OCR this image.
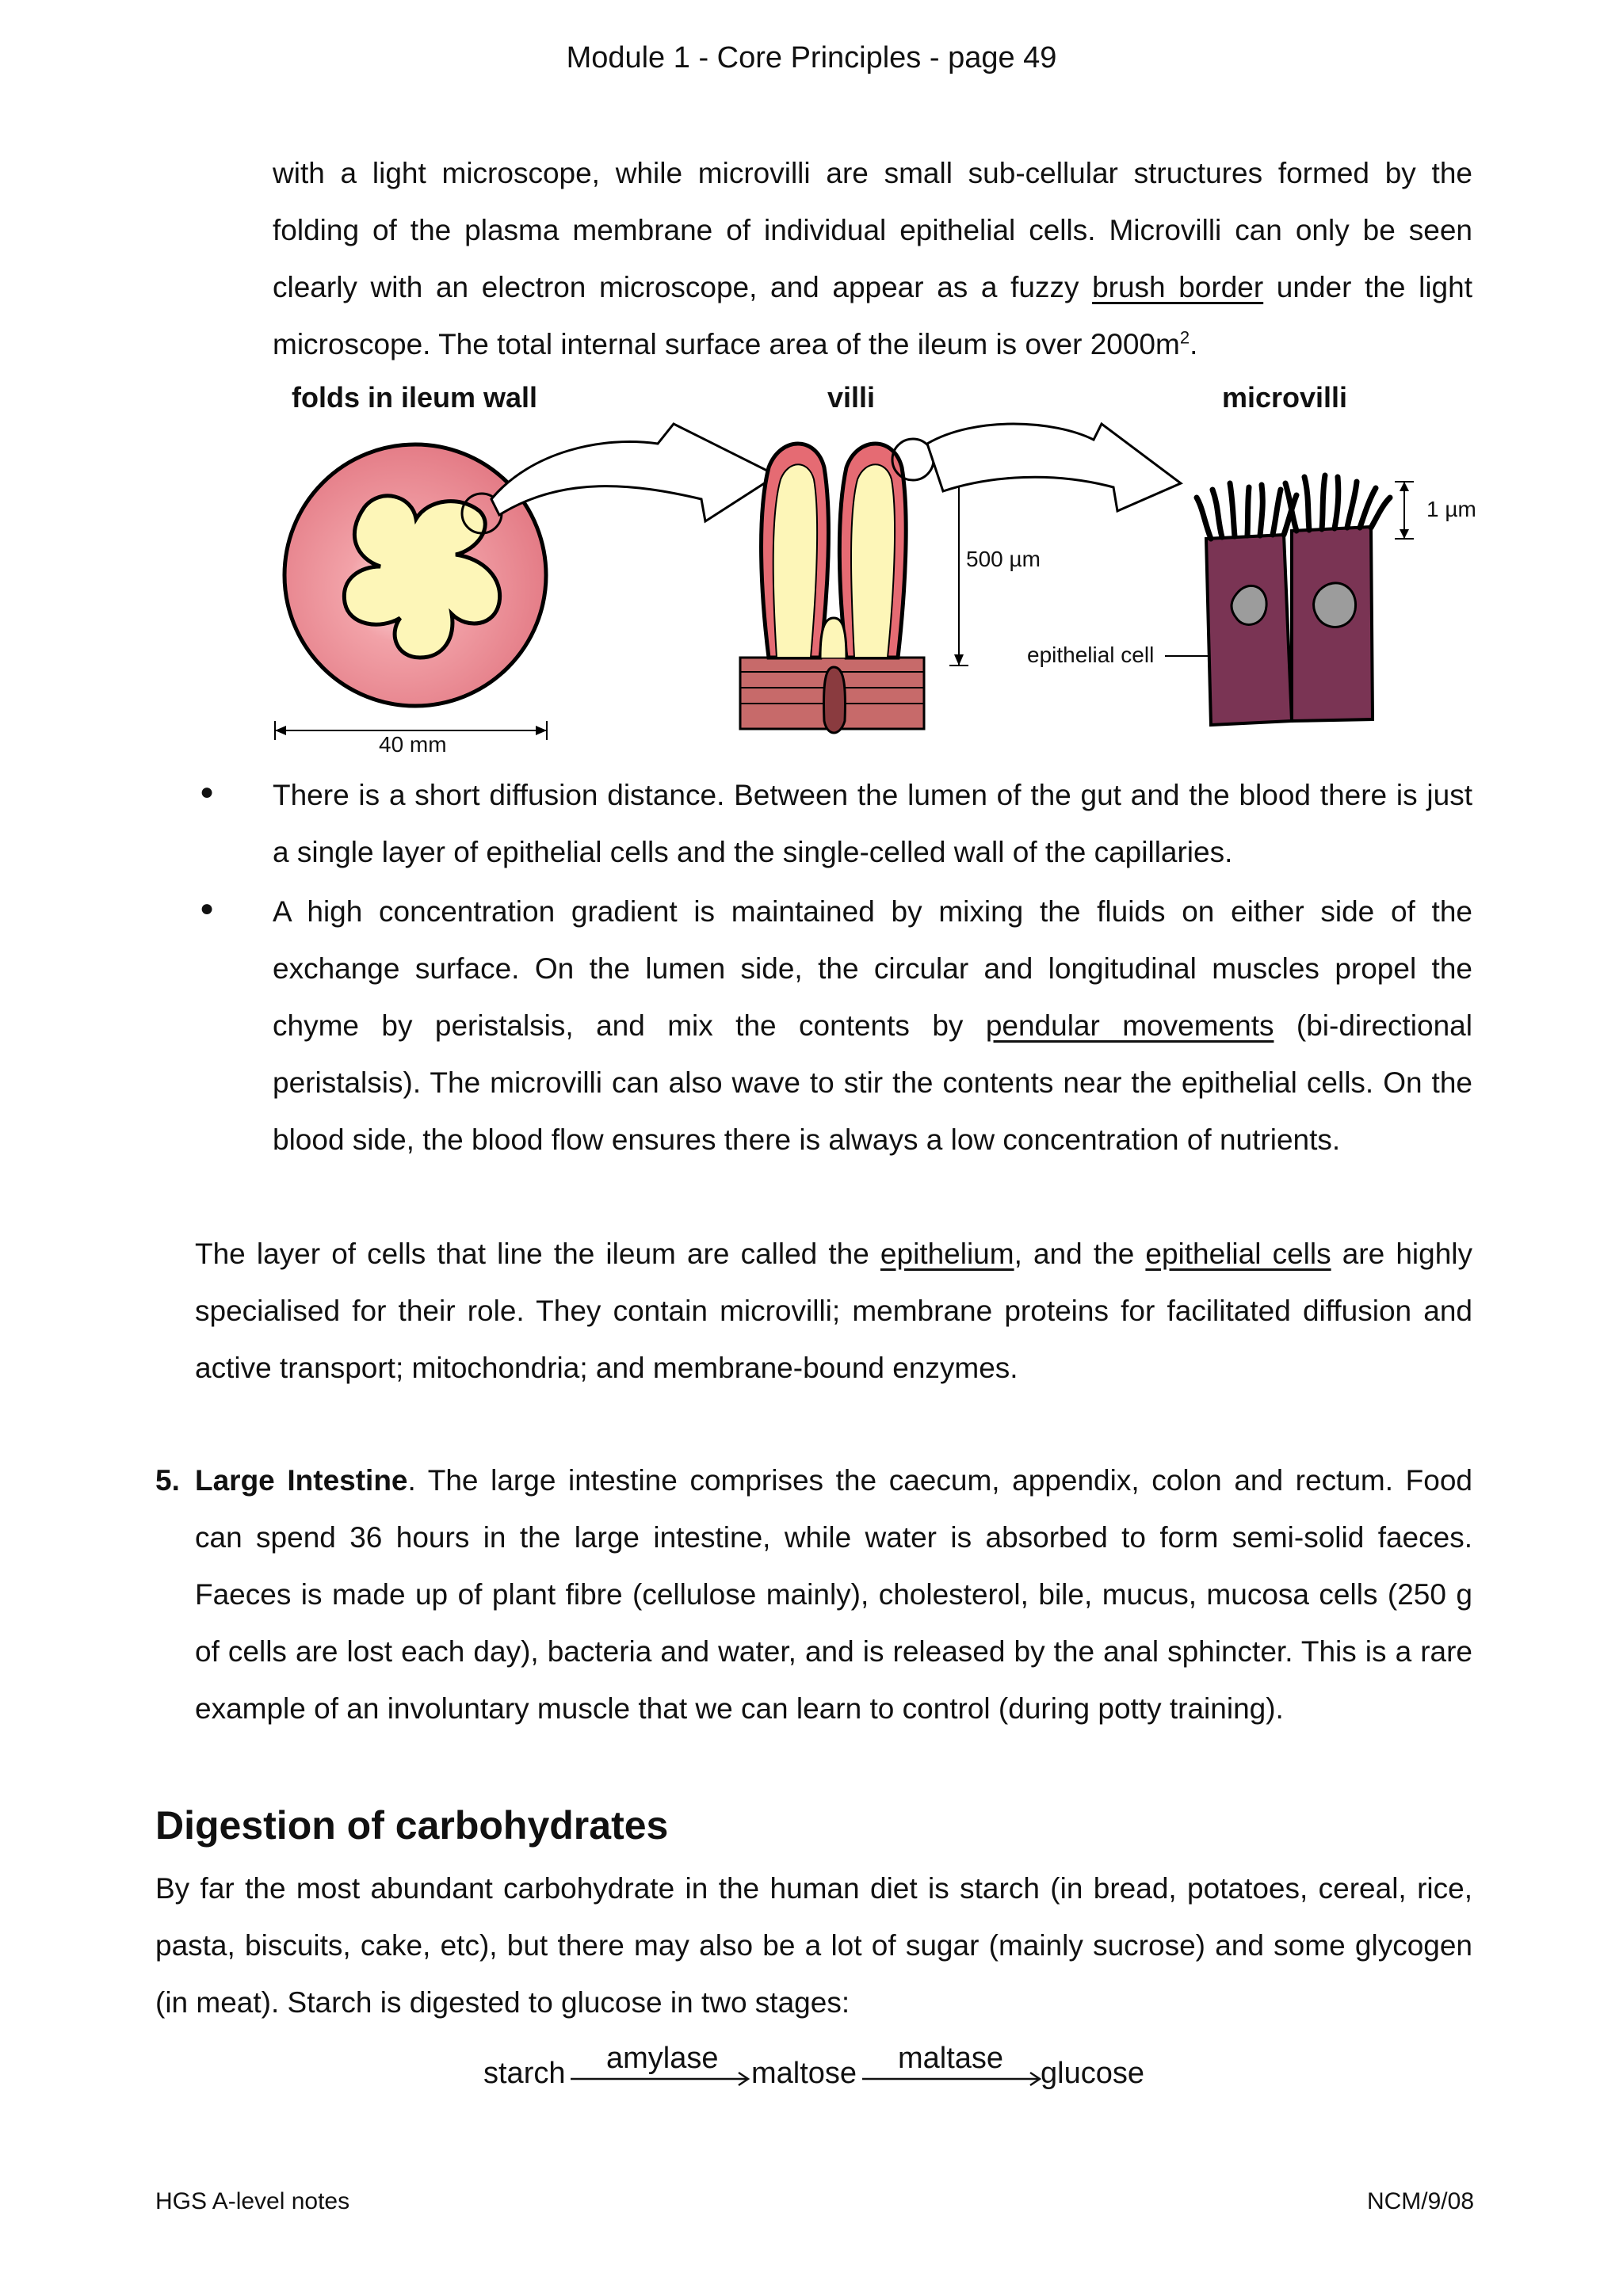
Module 1 - Core Principles - page 49
with a light microscope, while microvilli are small sub-cellular structures formed by the folding of the plasma membrane of individual epithelial cells. Microvilli can only be seen clearly with an electron microscope, and appear as a fuzzy brush border under the light microscope. The total internal surface area of the ileum is over $2000m^2$.
folds in ileum wall	villi	microvilli
40 mm
500 µm
1 µm
epithelial cell
● There is a short diffusion distance. Between the lumen of the gut and the blood there is just a single layer of epithelial cells and the single-celled wall of the capillaries.
● A high concentration gradient is maintained by mixing the fluids on either side of the exchange surface. On the lumen side, the circular and longitudinal muscles propel the chyme by peristalsis, and mix the contents by pendular movements (bi-directional peristalsis). The microvilli can also wave to stir the contents near the epithelial cells. On the blood side, the blood flow ensures there is always a low concentration of nutrients.
The layer of cells that line the ileum are called the epithelium, and the epithelial cells are highly specialised for their role. They contain microvilli; membrane proteins for facilitated diffusion and active transport; mitochondria; and membrane-bound enzymes.
5. Large Intestine. The large intestine comprises the caecum, appendix, colon and rectum. Food can spend 36 hours in the large intestine, while water is absorbed to form semi-solid faeces. Faeces is made up of plant fibre (cellulose mainly), cholesterol, bile, mucus, mucosa cells (250 g of cells are lost each day), bacteria and water, and is released by the anal sphincter. This is a rare example of an involuntary muscle that we can learn to control (during potty training).
Digestion of carbohydrates
By far the most abundant carbohydrate in the human diet is starch (in bread, potatoes, cereal, rice, pasta, biscuits, cake, etc), but there may also be a lot of sugar (mainly sucrose) and some glycogen (in meat). Starch is digested to glucose in two stages:
starch amylase maltose maltase glucose
HGS A-level notes	NCM/9/08
